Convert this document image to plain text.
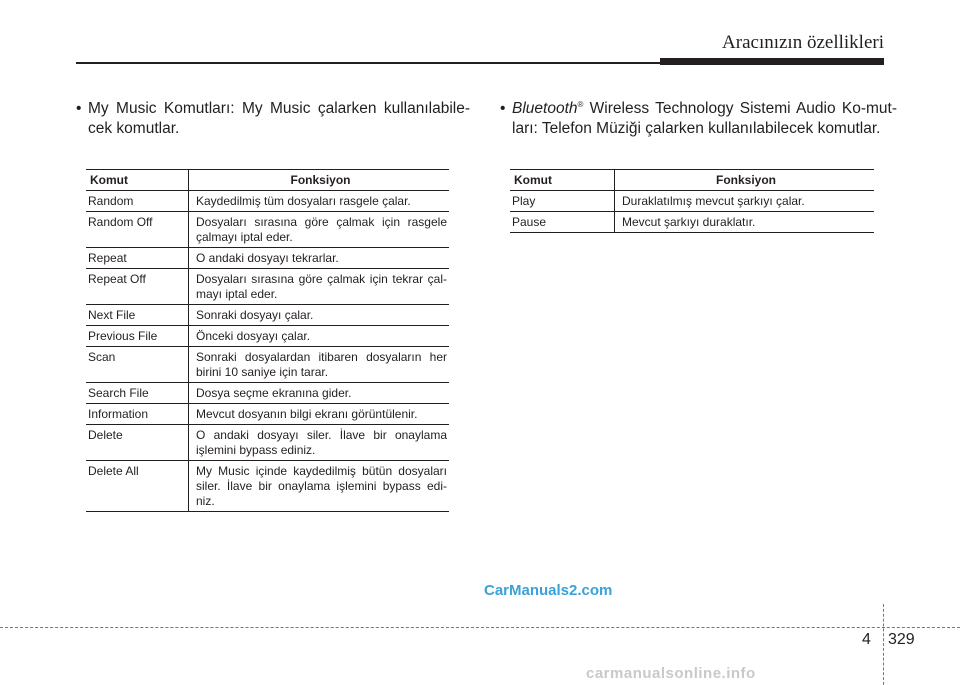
Aracınızın özellikleri
• My Music Komutları: My Music çalarken kullanılabile-cek komutlar.
Komut	Fonksiyon
Random	Kaydedilmiş tüm dosyaları rasgele çalar.
Random Off	Dosyaları sırasına göre çalmak için rasgele çalmayı iptal eder.
Repeat	O andaki dosyayı tekrarlar.
Repeat Off	Dosyaları sırasına göre çalmak için tekrar çal-mayı iptal eder.
Next File	Sonraki dosyayı çalar.
Previous File	Önceki dosyayı çalar.
Scan	Sonraki dosyalardan itibaren dosyaların her birini 10 saniye için tarar.
Search File	Dosya seçme ekranına gider.
Information	Mevcut dosyanın bilgi ekranı görüntülenir.
Delete	O andaki dosyayı siler. İlave bir onaylama işlemini bypass ediniz.
Delete All	My Music içinde kaydedilmiş bütün dosyaları siler. İlave bir onaylama işlemini bypass edi-niz.
• Bluetooth® Wireless Technology Sistemi Audio Ko-mut-ları: Telefon Müziği çalarken kullanılabilecek komutlar.
Komut	Fonksiyon
Play	Duraklatılmış mevcut şarkıyı çalar.
Pause	Mevcut şarkıyı duraklatır.
CarManuals2.com
4 329
carmanualsonline.info
